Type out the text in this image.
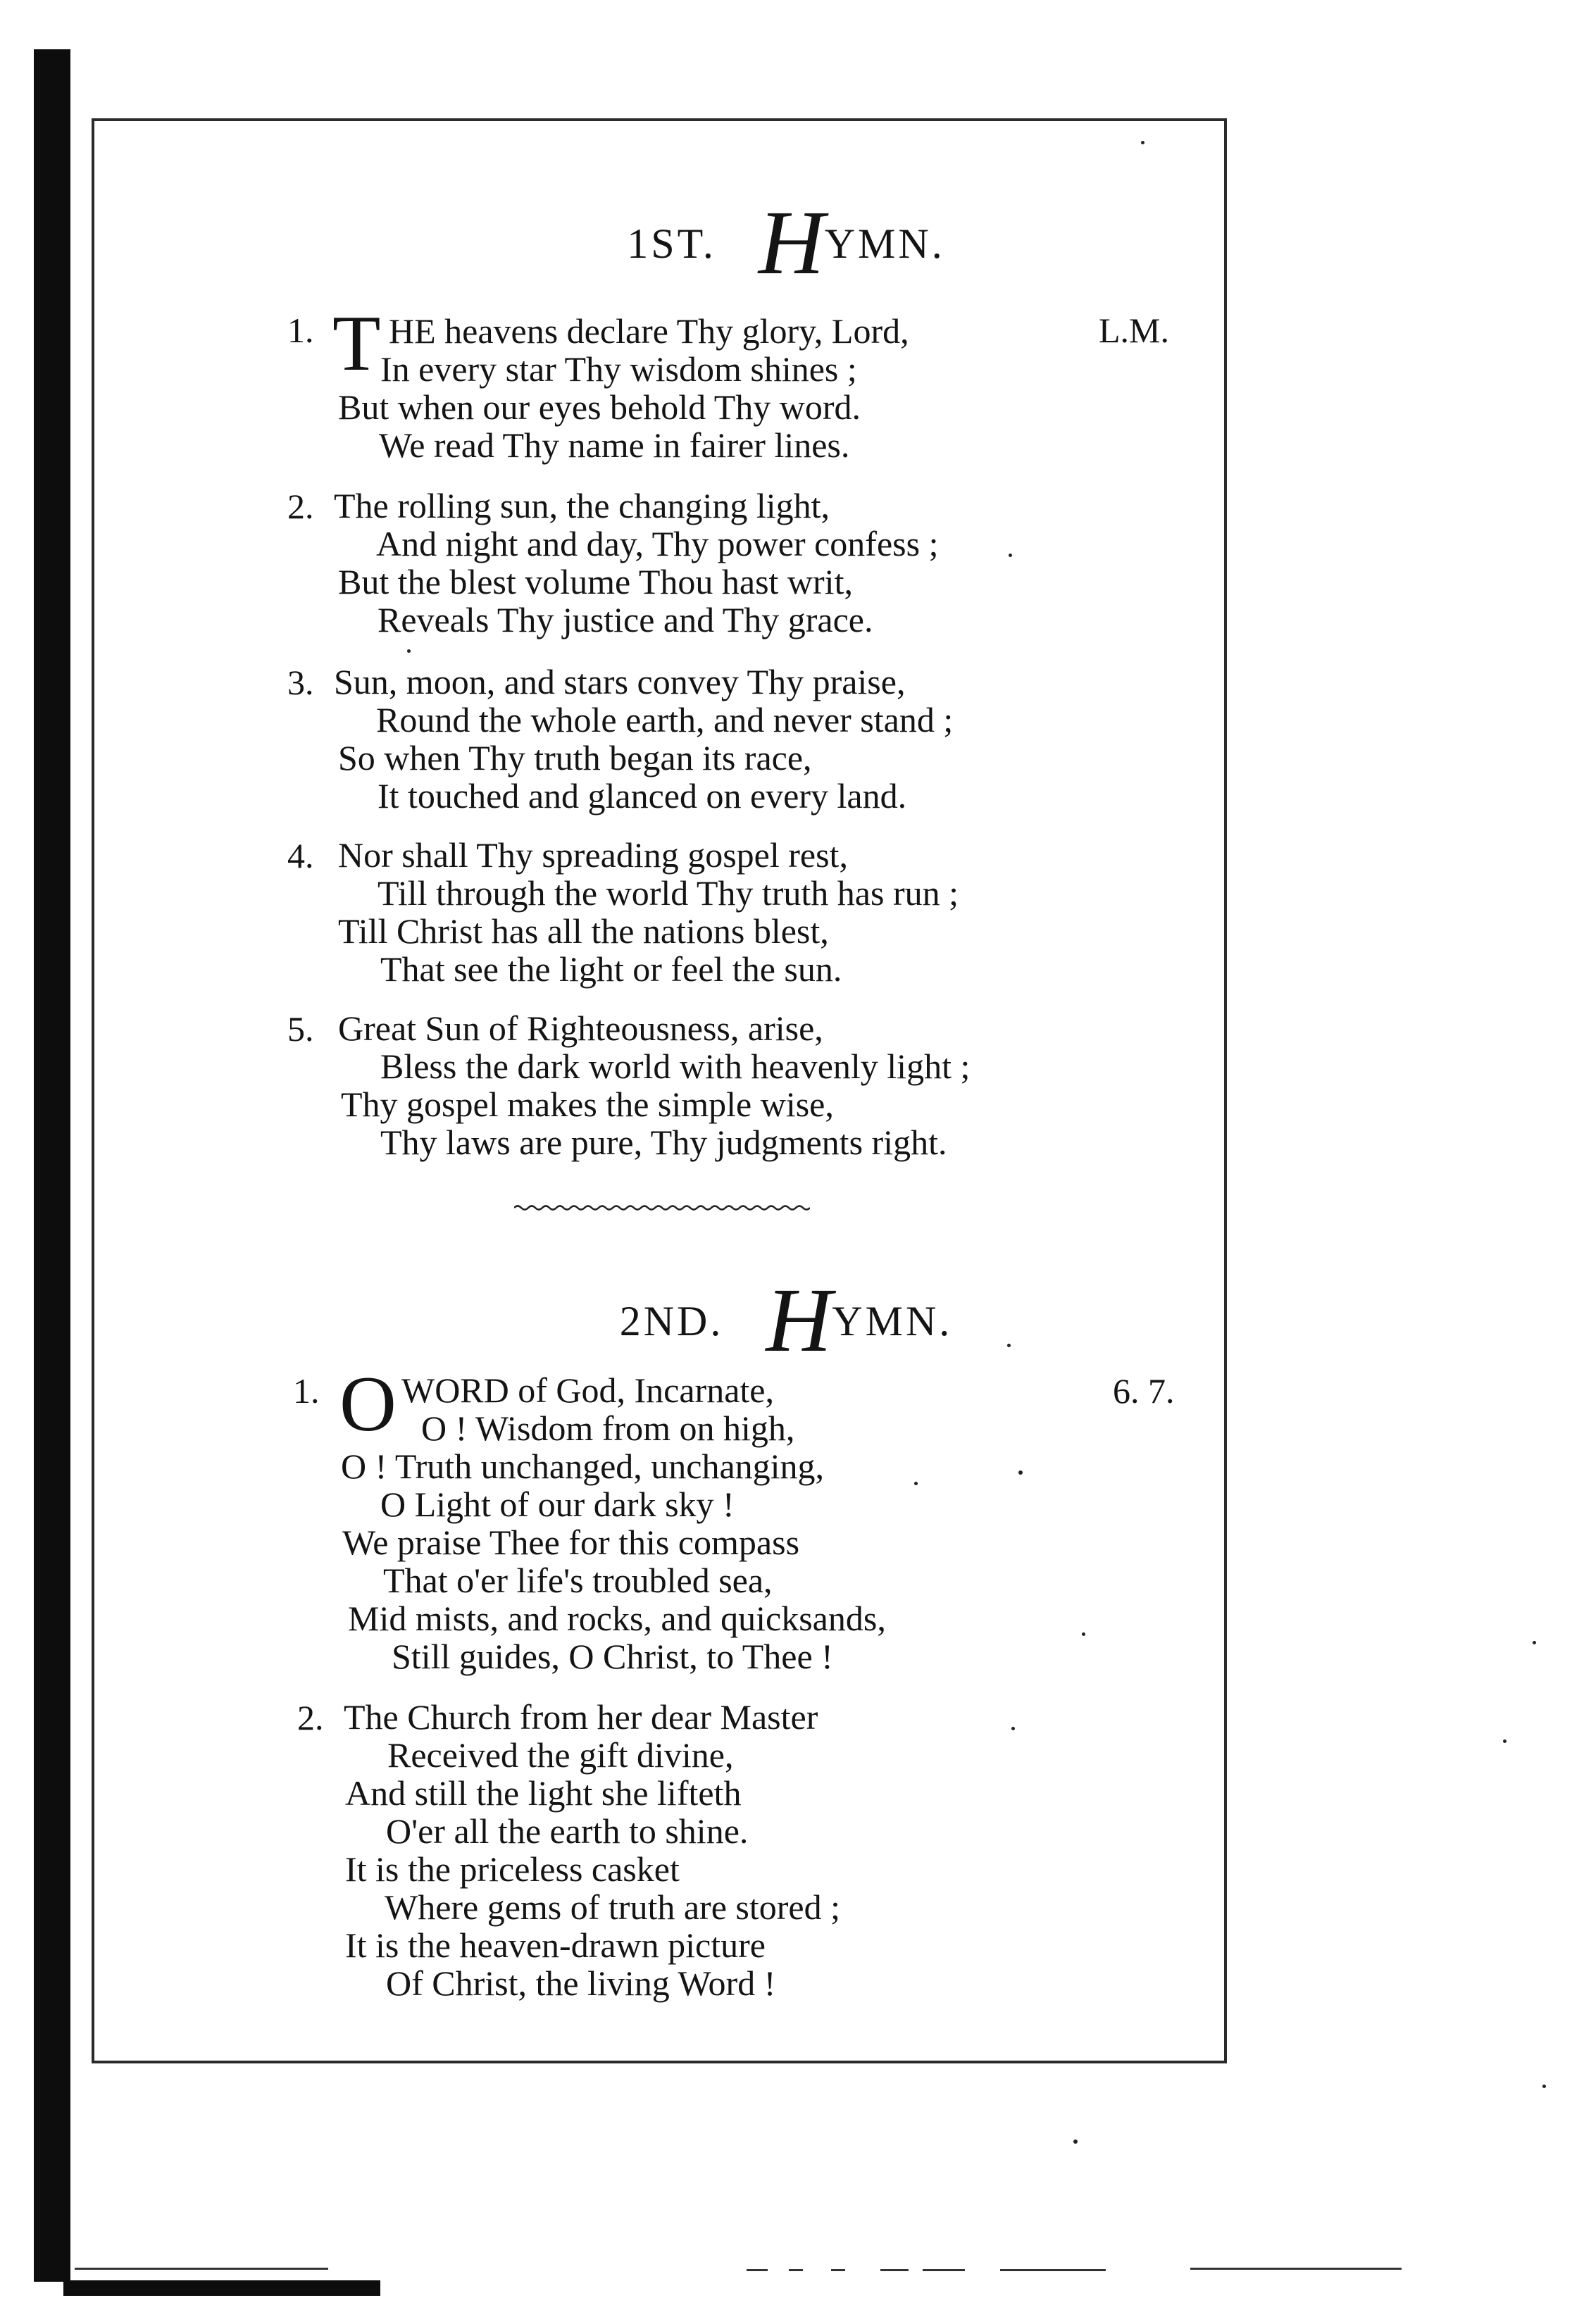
1ST. HYMN.
L.M.
1. T HE heavens declare Thy glory, Lord,
In every star Thy wisdom shines ;
But when our eyes behold Thy word.
We read Thy name in fairer lines.
2. The rolling sun, the changing light,
And night and day, Thy power confess ;
But the blest volume Thou hast writ,
Reveals Thy justice and Thy grace.
3. Sun, moon, and stars convey Thy praise,
Round the whole earth, and never stand ;
So when Thy truth began its race,
It touched and glanced on every land.
4. Nor shall Thy spreading gospel rest,
Till through the world Thy truth has run ;
Till Christ has all the nations blest,
That see the light or feel the sun.
5. Great Sun of Righteousness, arise,
Bless the dark world with heavenly light ;
Thy gospel makes the simple wise,
Thy laws are pure, Thy judgments right.
2ND. HYMN.
6. 7.
1. O WORD of God, Incarnate,
O ! Wisdom from on high,
O ! Truth unchanged, unchanging,
O Light of our dark sky !
We praise Thee for this compass
That o'er life's troubled sea,
Mid mists, and rocks, and quicksands,
Still guides, O Christ, to Thee !
2. The Church from her dear Master
Received the gift divine,
And still the light she lifteth
O'er all the earth to shine.
It is the priceless casket
Where gems of truth are stored ;
It is the heaven-drawn picture
Of Christ, the living Word !
